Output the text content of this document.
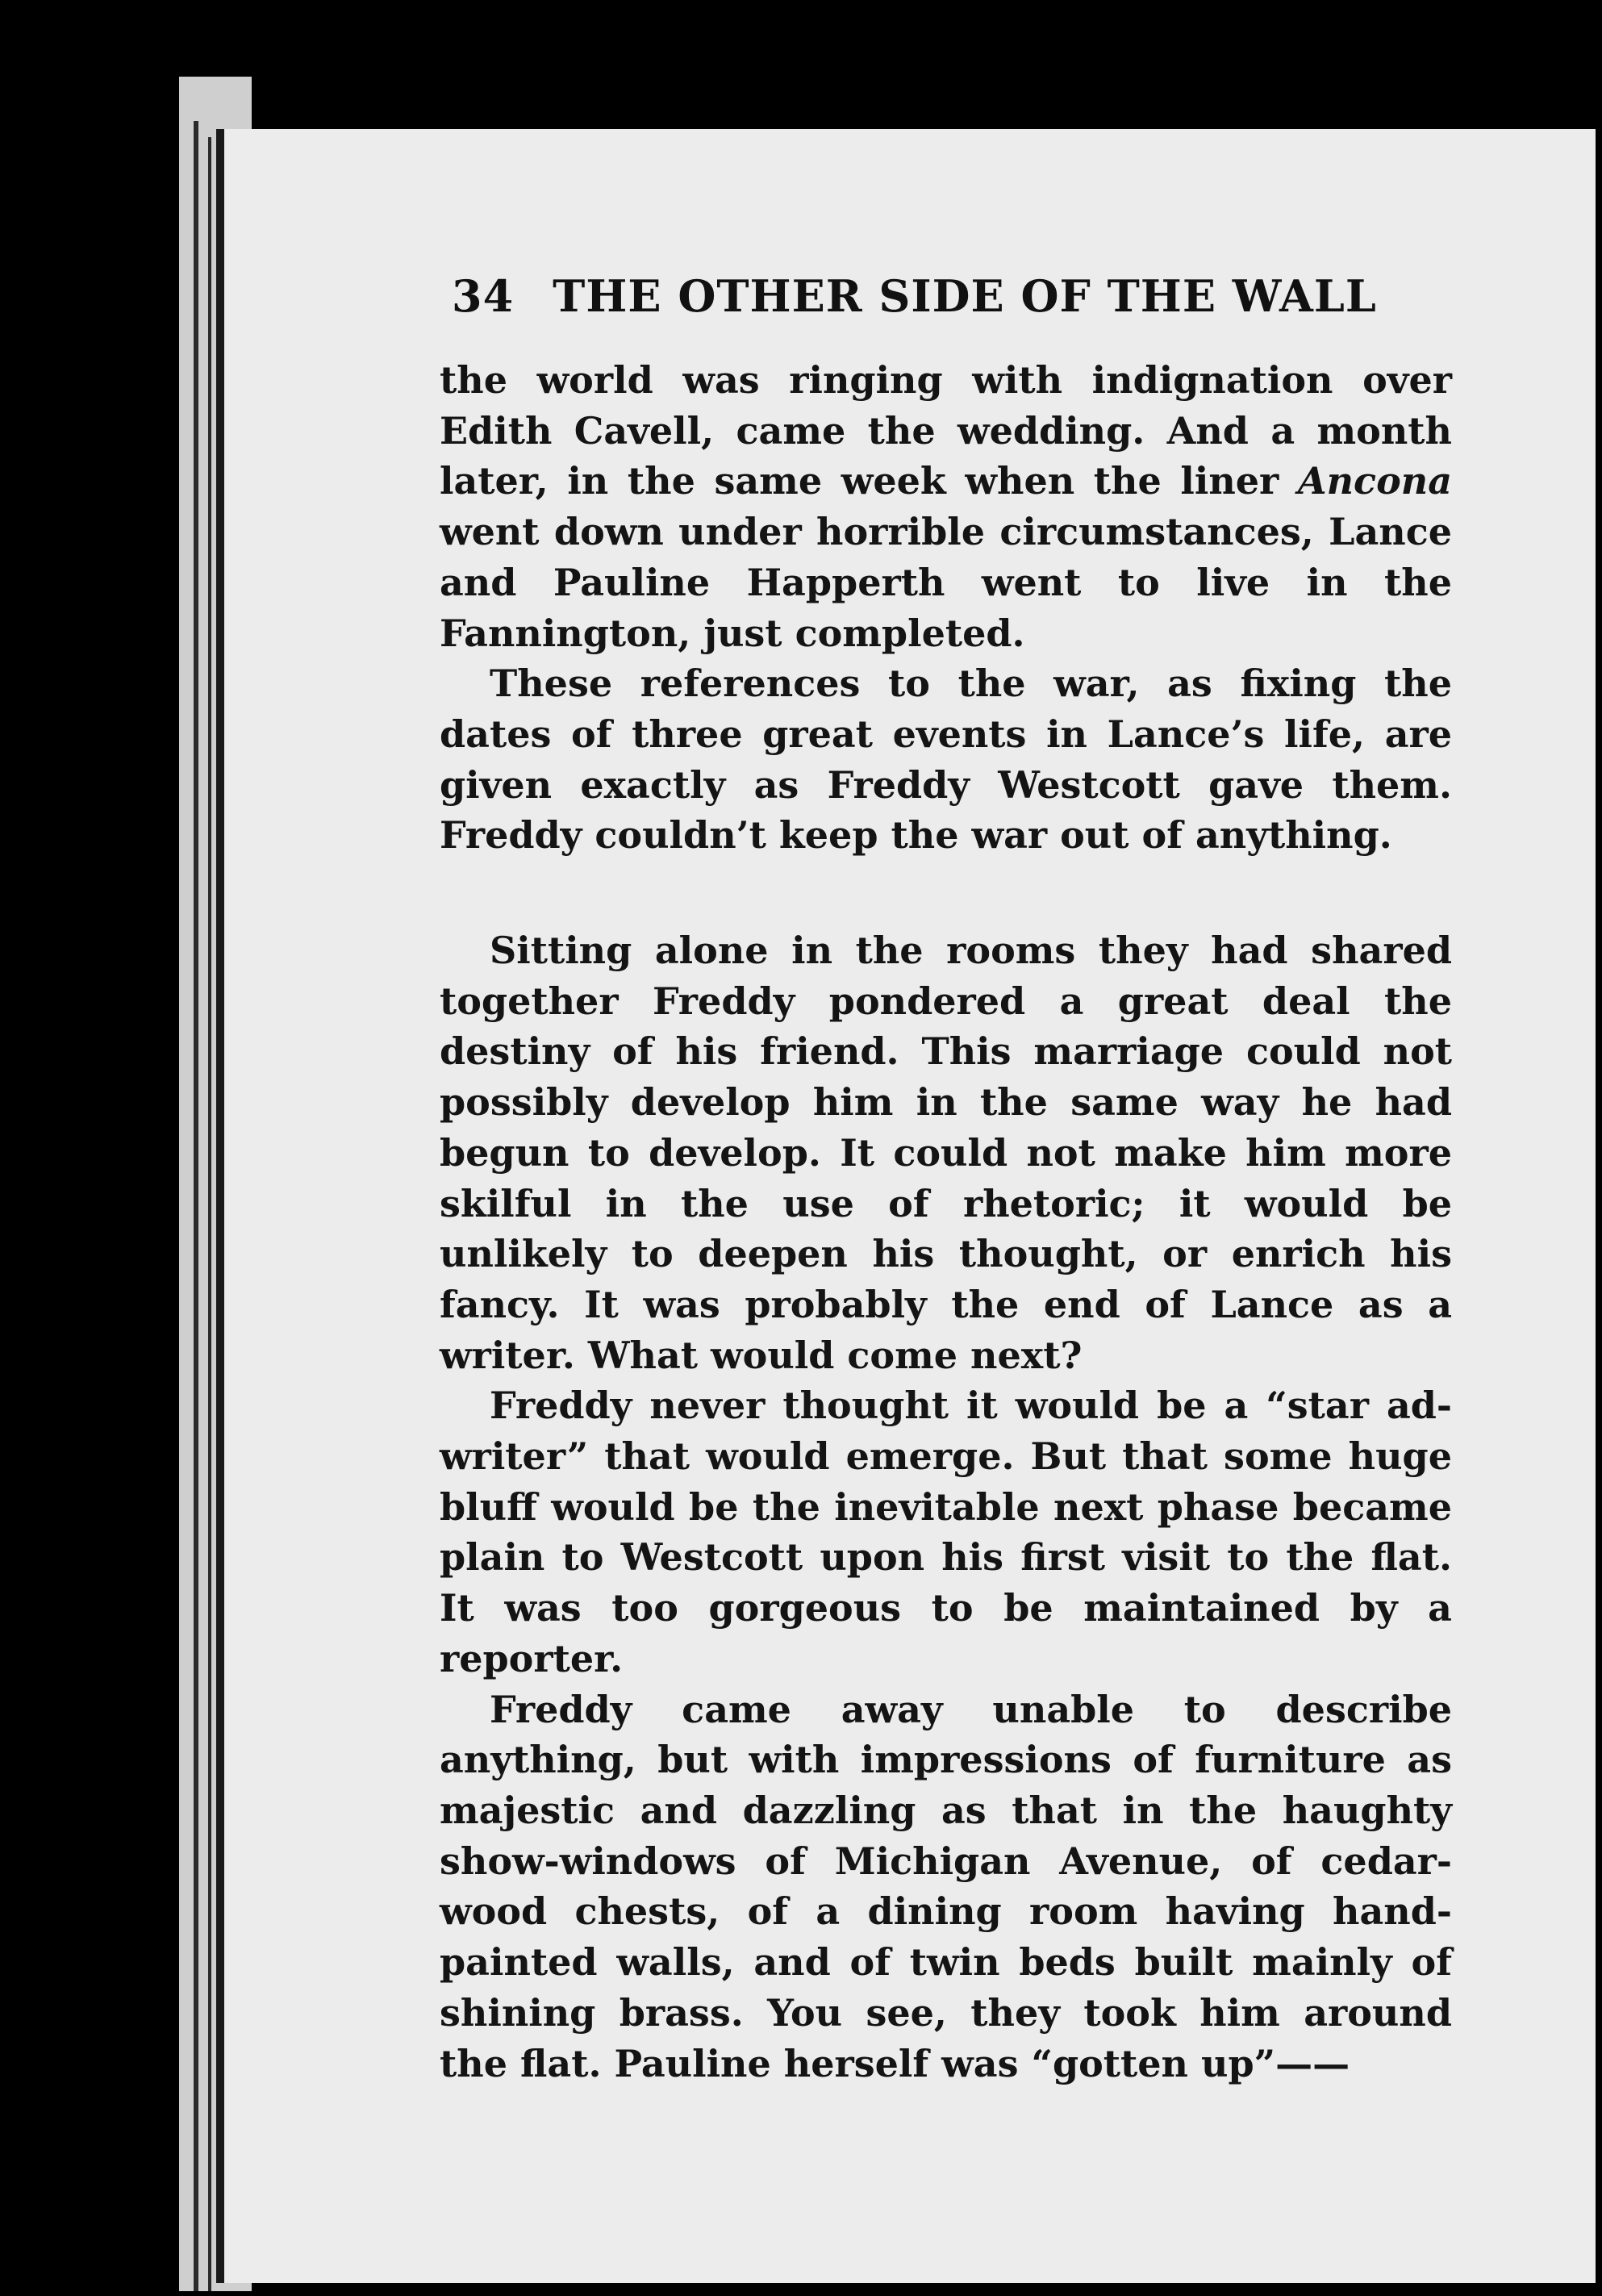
34 THE OTHER SIDE OF THE WALL

the world was ringing with indignation over Edith Cavell, came the wedding. And a month later, in the same week when the liner Ancona went down under horrible circumstances, Lance and Pauline Happerth went to live in the Fannington, just completed.

These references to the war, as fixing the dates of three great events in Lance’s life, are given exactly as Freddy Westcott gave them. Freddy couldn’t keep the war out of anything.

Sitting alone in the rooms they had shared together Freddy pondered a great deal the destiny of his friend. This marriage could not possibly develop him in the same way he had begun to develop. It could not make him more skilful in the use of rhetoric; it would be unlikely to deepen his thought, or enrich his fancy. It was probably the end of Lance as a writer. What would come next?

Freddy never thought it would be a “star ad-writer” that would emerge. But that some huge bluff would be the inevitable next phase became plain to Westcott upon his first visit to the flat. It was too gorgeous to be maintained by a reporter.

Freddy came away unable to describe anything, but with impressions of furniture as majestic and dazzling as that in the haughty show-windows of Michigan Avenue, of cedar-wood chests, of a dining room having hand-painted walls, and of twin beds built mainly of shining brass. You see, they took him around the flat. Pauline herself was “gotten up”——
